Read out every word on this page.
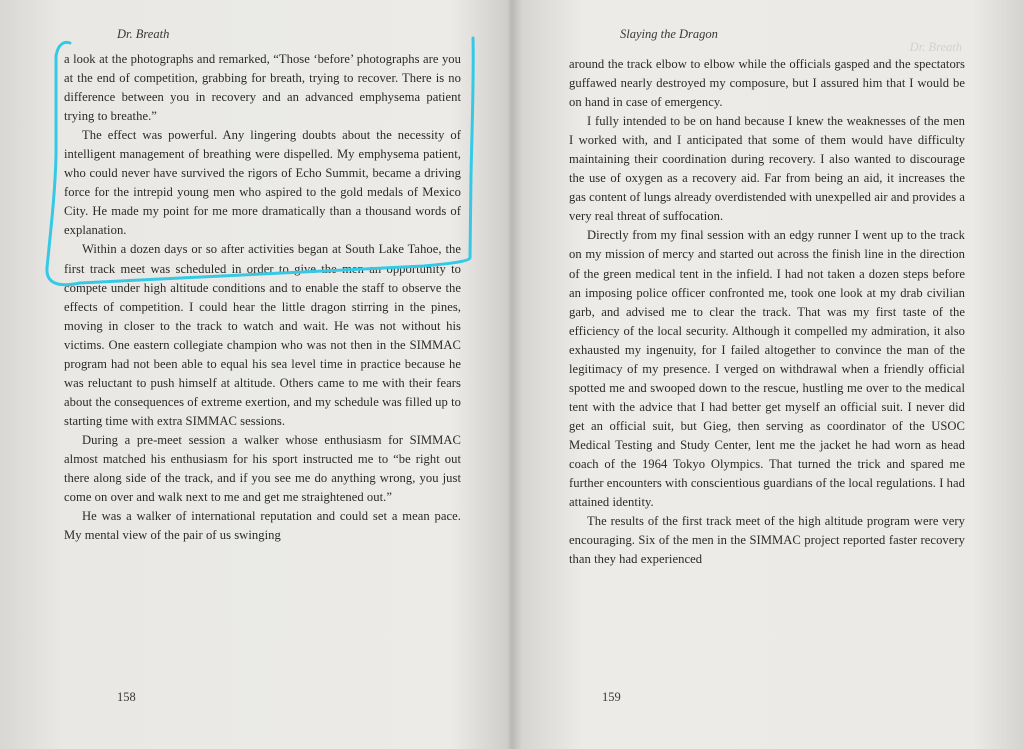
Dr. Breath

a look at the photographs and remarked, “Those ‘before’ photographs are you at the end of competition, grabbing for breath, trying to recover. There is no difference between you in recovery and an advanced emphysema patient trying to breathe.”

The effect was powerful. Any lingering doubts about the necessity of intelligent management of breathing were dispelled. My emphysema patient, who could never have survived the rigors of Echo Summit, became a driving force for the intrepid young men who aspired to the gold medals of Mexico City. He made my point for me more dramatically than a thousand words of explanation.

Within a dozen days or so after activities began at South Lake Tahoe, the first track meet was scheduled in order to give the men an opportunity to compete under high altitude conditions and to enable the staff to observe the effects of competition. I could hear the little dragon stirring in the pines, moving in closer to the track to watch and wait. He was not without his victims. One eastern collegiate champion who was not then in the SIMMAC program had not been able to equal his sea level time in practice because he was reluctant to push himself at altitude. Others came to me with their fears about the consequences of extreme exertion, and my schedule was filled up to starting time with extra SIMMAC sessions.

During a pre-meet session a walker whose enthusiasm for SIMMAC almost matched his enthusiasm for his sport instructed me to “be right out there along side of the track, and if you see me do anything wrong, you just come on over and walk next to me and get me straightened out.”

He was a walker of international reputation and could set a mean pace. My mental view of the pair of us swinging

158
Dr. Breath
Slaying the Dragon

around the track elbow to elbow while the officials gasped and the spectators guffawed nearly destroyed my composure, but I assured him that I would be on hand in case of emergency.

I fully intended to be on hand because I knew the weaknesses of the men I worked with, and I anticipated that some of them would have difficulty maintaining their coordination during recovery. I also wanted to discourage the use of oxygen as a recovery aid. Far from being an aid, it increases the gas content of lungs already overdistended with unexpelled air and provides a very real threat of suffocation.

Directly from my final session with an edgy runner I went up to the track on my mission of mercy and started out across the finish line in the direction of the green medical tent in the infield. I had not taken a dozen steps before an imposing police officer confronted me, took one look at my drab civilian garb, and advised me to clear the track. That was my first taste of the efficiency of the local security. Although it compelled my admiration, it also exhausted my ingenuity, for I failed altogether to convince the man of the legitimacy of my presence. I verged on withdrawal when a friendly official spotted me and swooped down to the rescue, hustling me over to the medical tent with the advice that I had better get myself an official suit. I never did get an official suit, but Gieg, then serving as coordinator of the USOC Medical Testing and Study Center, lent me the jacket he had worn as head coach of the 1964 Tokyo Olympics. That turned the trick and spared me further encounters with conscientious guardians of the local regulations. I had attained identity.

The results of the first track meet of the high altitude program were very encouraging. Six of the men in the SIMMAC project reported faster recovery than they had experienced

159
